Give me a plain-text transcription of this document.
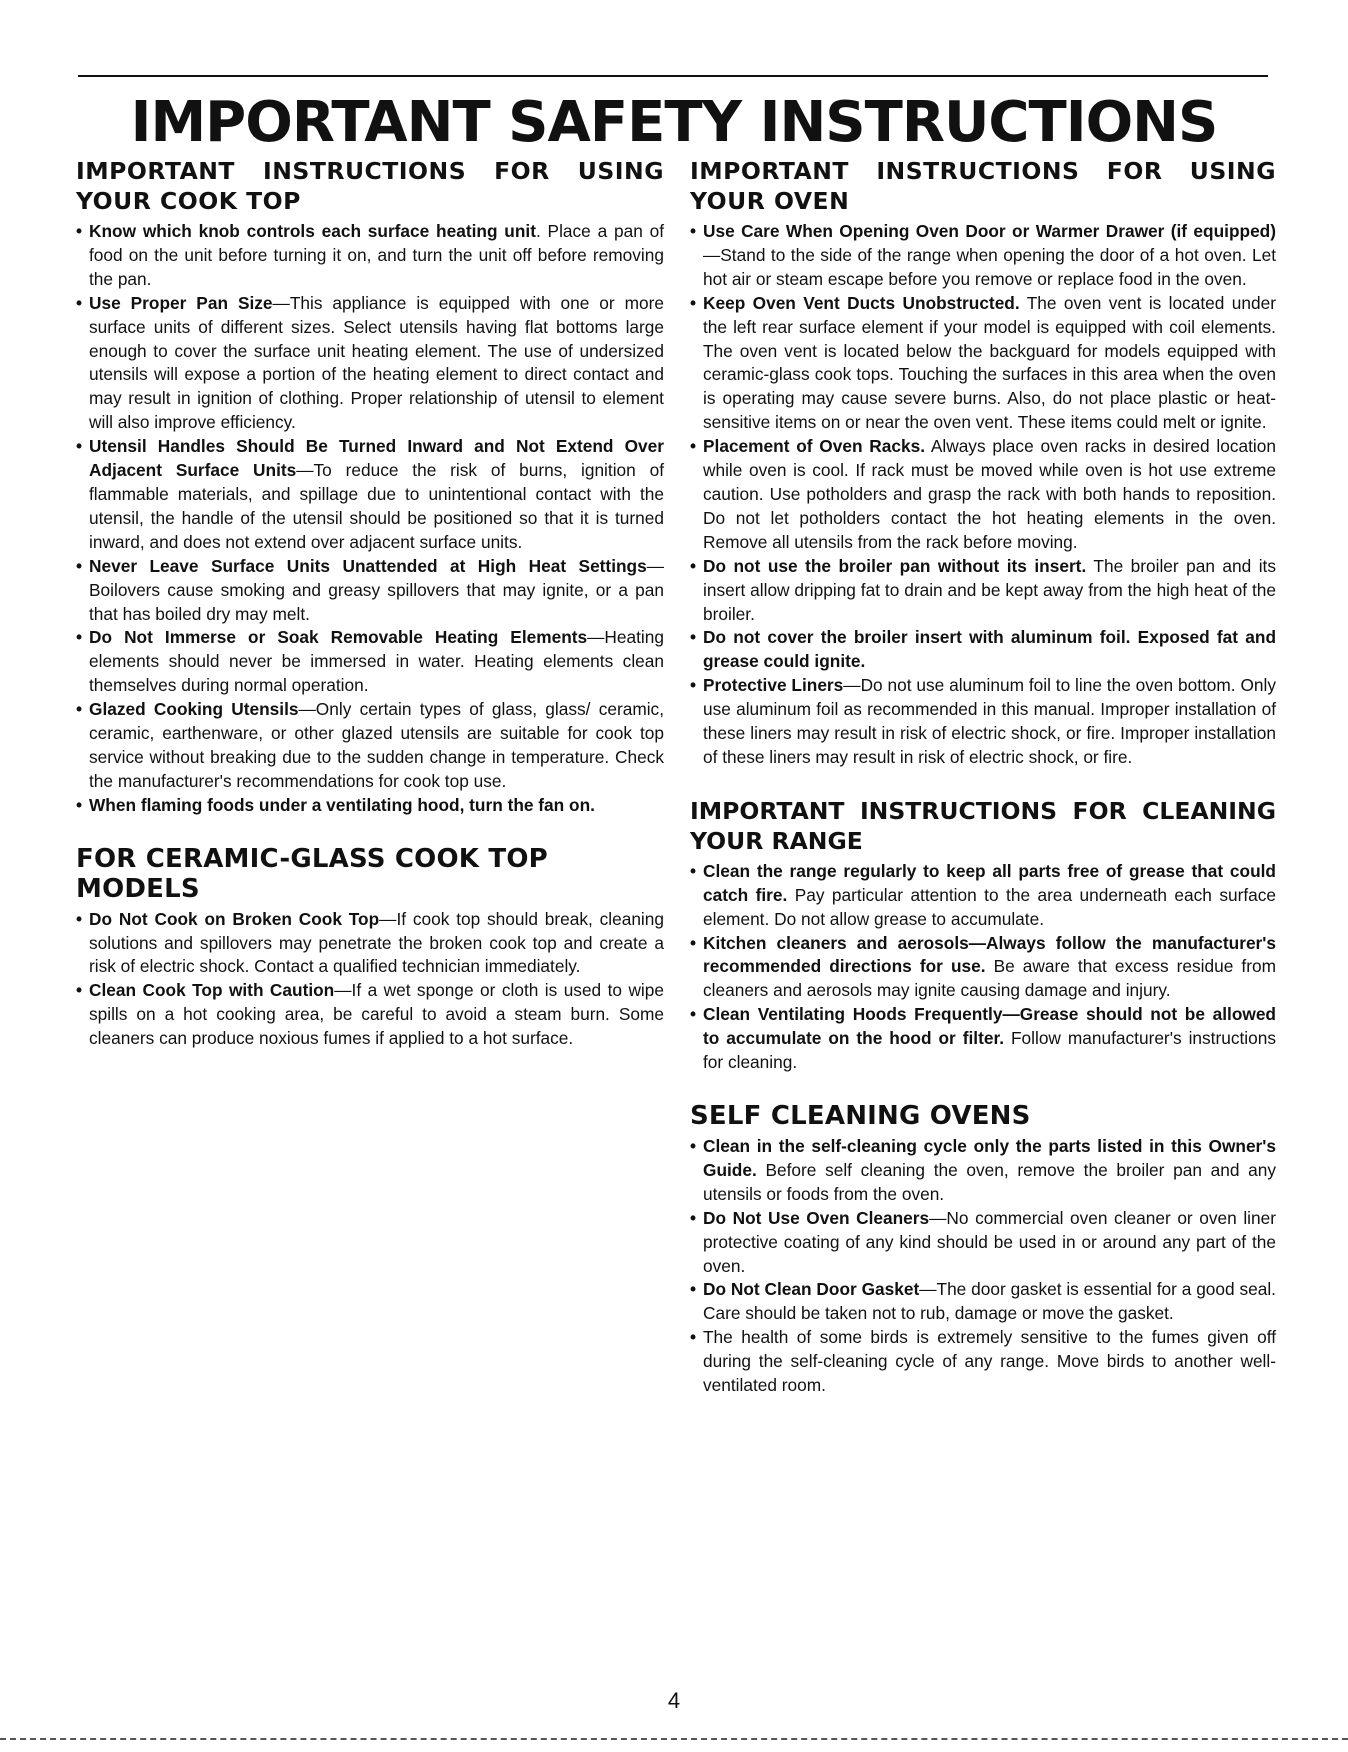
IMPORTANT SAFETY INSTRUCTIONS
IMPORTANT INSTRUCTIONS FOR USING YOUR COOK TOP
• Know which knob controls each surface heating unit. Place a pan of food on the unit before turning it on, and turn the unit off before removing the pan.
• Use Proper Pan Size—This appliance is equipped with one or more surface units of different sizes. Select utensils having flat bottoms large enough to cover the surface unit heating element. The use of undersized utensils will expose a portion of the heating element to direct contact and may result in ignition of clothing. Proper relationship of utensil to element will also improve efficiency.
• Utensil Handles Should Be Turned Inward and Not Extend Over Adjacent Surface Units—To reduce the risk of burns, ignition of flammable materials, and spillage due to unintentional contact with the utensil, the handle of the utensil should be positioned so that it is turned inward, and does not extend over adjacent surface units.
• Never Leave Surface Units Unattended at High Heat Settings—Boilovers cause smoking and greasy spillovers that may ignite, or a pan that has boiled dry may melt.
• Do Not Immerse or Soak Removable Heating Elements—Heating elements should never be immersed in water. Heating elements clean themselves during normal operation.
• Glazed Cooking Utensils—Only certain types of glass, glass/ ceramic, ceramic, earthenware, or other glazed utensils are suitable for cook top service without breaking due to the sudden change in temperature. Check the manufacturer's recommendations for cook top use.
• When flaming foods under a ventilating hood, turn the fan on.
FOR CERAMIC-GLASS COOK TOP MODELS
• Do Not Cook on Broken Cook Top—If cook top should break, cleaning solutions and spillovers may penetrate the broken cook top and create a risk of electric shock. Contact a qualified technician immediately.
• Clean Cook Top with Caution—If a wet sponge or cloth is used to wipe spills on a hot cooking area, be careful to avoid a steam burn. Some cleaners can produce noxious fumes if applied to a hot surface.
IMPORTANT INSTRUCTIONS FOR USING YOUR OVEN
• Use Care When Opening Oven Door or Warmer Drawer (if equipped)—Stand to the side of the range when opening the door of a hot oven. Let hot air or steam escape before you remove or replace food in the oven.
• Keep Oven Vent Ducts Unobstructed. The oven vent is located under the left rear surface element if your model is equipped with coil elements. The oven vent is located below the backguard for models equipped with ceramic-glass cook tops. Touching the surfaces in this area when the oven is operating may cause severe burns. Also, do not place plastic or heat-sensitive items on or near the oven vent. These items could melt or ignite.
• Placement of Oven Racks. Always place oven racks in desired location while oven is cool. If rack must be moved while oven is hot use extreme caution. Use potholders and grasp the rack with both hands to reposition. Do not let potholders contact the hot heating elements in the oven. Remove all utensils from the rack before moving.
• Do not use the broiler pan without its insert. The broiler pan and its insert allow dripping fat to drain and be kept away from the high heat of the broiler.
• Do not cover the broiler insert with aluminum foil. Exposed fat and grease could ignite.
• Protective Liners—Do not use aluminum foil to line the oven bottom. Only use aluminum foil as recommended in this manual. Improper installation of these liners may result in risk of electric shock, or fire. Improper installation of these liners may result in risk of electric shock, or fire.
IMPORTANT INSTRUCTIONS FOR CLEANING YOUR RANGE
• Clean the range regularly to keep all parts free of grease that could catch fire. Pay particular attention to the area underneath each surface element. Do not allow grease to accumulate.
• Kitchen cleaners and aerosols—Always follow the manufacturer's recommended directions for use. Be aware that excess residue from cleaners and aerosols may ignite causing damage and injury.
• Clean Ventilating Hoods Frequently—Grease should not be allowed to accumulate on the hood or filter. Follow manufacturer's instructions for cleaning.
SELF CLEANING OVENS
• Clean in the self-cleaning cycle only the parts listed in this Owner's Guide. Before self cleaning the oven, remove the broiler pan and any utensils or foods from the oven.
• Do Not Use Oven Cleaners—No commercial oven cleaner or oven liner protective coating of any kind should be used in or around any part of the oven.
• Do Not Clean Door Gasket—The door gasket is essential for a good seal. Care should be taken not to rub, damage or move the gasket.
• The health of some birds is extremely sensitive to the fumes given off during the self-cleaning cycle of any range. Move birds to another well-ventilated room.
4
